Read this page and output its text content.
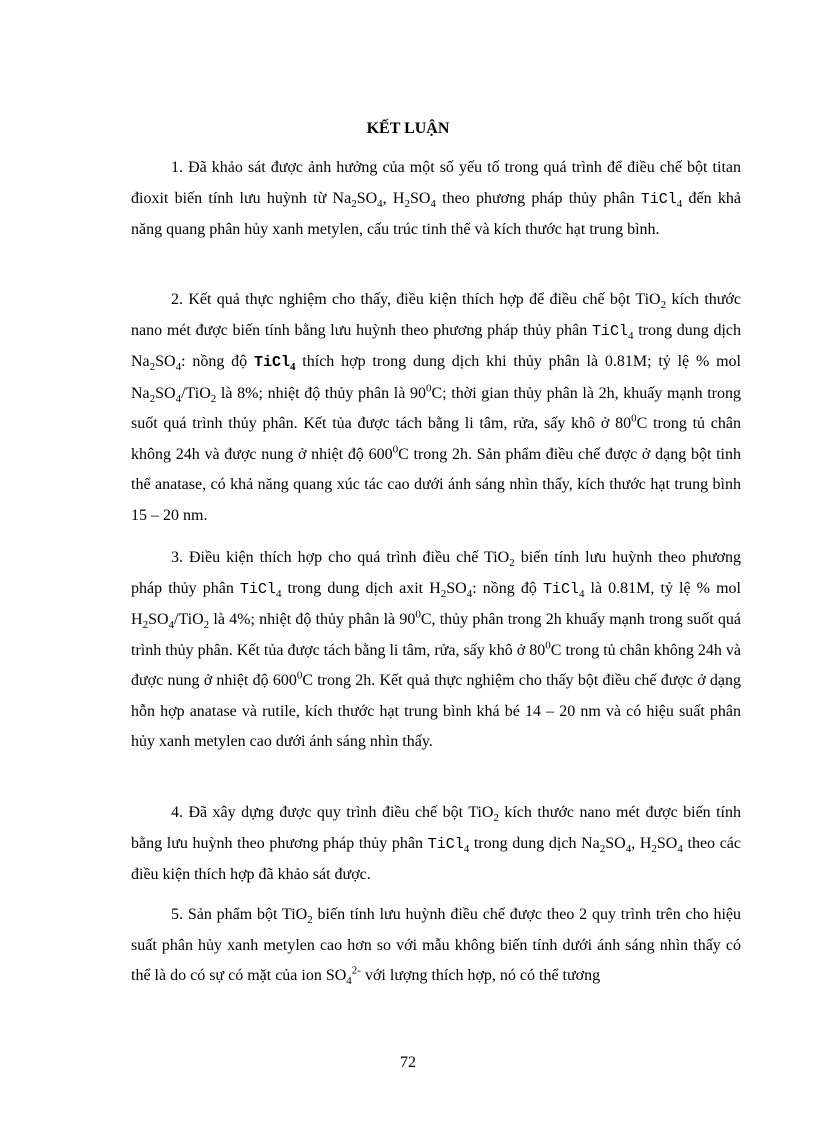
KẾT LUẬN

1. Đã khảo sát được ảnh hưởng của một số yếu tố trong quá trình để điều chế bột titan đioxit biến tính lưu huỳnh từ $Na_2SO_4$, $H_2SO_4$ theo phương pháp thủy phân TiCl$_4$ đến khả năng quang phân hủy xanh metylen, cấu trúc tinh thể và kích thước hạt trung bình.

2. Kết quả thực nghiệm cho thấy, điều kiện thích hợp để điều chế bột TiO$_2$ kích thước nano mét được biến tính bằng lưu huỳnh theo phương pháp thủy phân TiCl$_4$ trong dung dịch $Na_2SO_4$: nồng độ TiCl$_4$ thích hợp trong dung dịch khi thủy phân là 0.81M; tỷ lệ % mol $Na_2SO_4/TiO_2$ là 8%; nhiệt độ thủy phân là $90^0C$; thời gian thủy phân là 2h, khuấy mạnh trong suốt quá trình thủy phân. Kết tủa được tách bằng li tâm, rửa, sấy khô ở $80^0C$ trong tủ chân không 24h và được nung ở nhiệt độ $600^0C$ trong 2h. Sản phẩm điều chế được ở dạng bột tinh thể anatase, có khả năng quang xúc tác cao dưới ánh sáng nhìn thấy, kích thước hạt trung bình 15 – 20 nm.

3. Điều kiện thích hợp cho quá trình điều chế TiO$_2$ biến tính lưu huỳnh theo phương pháp thủy phân TiCl$_4$ trong dung dịch axit $H_2SO_4$: nồng độ TiCl$_4$ là 0.81M, tỷ lệ % mol $H_2SO_4/TiO_2$ là 4%; nhiệt độ thủy phân là $90^0C$, thủy phân trong 2h khuấy mạnh trong suốt quá trình thủy phân. Kết tủa được tách bằng li tâm, rửa, sấy khô ở $80^0C$ trong tủ chân không 24h và được nung ở nhiệt độ $600^0C$ trong 2h. Kết quả thực nghiệm cho thấy bột điều chế được ở dạng hỗn hợp anatase và rutile, kích thước hạt trung bình khá bé 14 – 20 nm và có hiệu suất phân hủy xanh metylen cao dưới ánh sáng nhìn thấy.

4. Đã xây dựng được quy trình điều chế bột TiO$_2$ kích thước nano mét được biến tính bằng lưu huỳnh theo phương pháp thủy phân TiCl$_4$ trong dung dịch $Na_2SO_4$, $H_2SO_4$ theo các điều kiện thích hợp đã khảo sát được.

5. Sản phẩm bột TiO$_2$ biến tính lưu huỳnh điều chế được theo 2 quy trình trên cho hiệu suất phân hủy xanh metylen cao hơn so với mẫu không biến tính dưới ánh sáng nhìn thấy có thể là do có sự có mặt của ion $SO_4^{2-}$ với lượng thích hợp, nó có thể tương

72
